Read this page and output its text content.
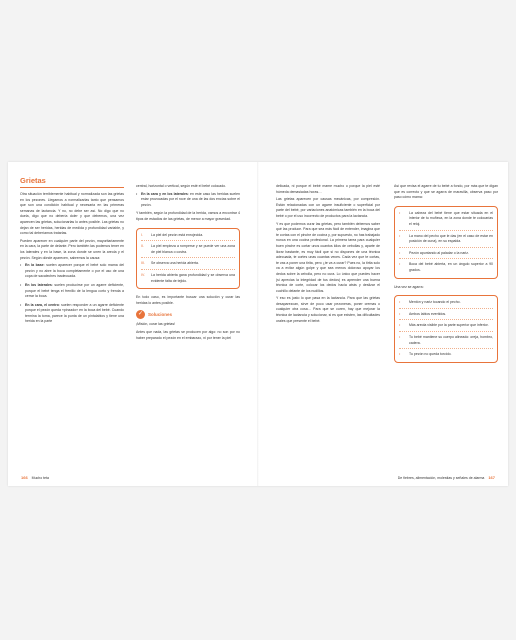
Grietas

Otra situación terriblemente habitual y normalizada son las grietas en los pezones. Llegamos a normalizarlas tanto que pensamos que son una condición habitual y necesaria en las primeras semanas de lactancia. Y no, no debe ser así. No digo que no duela, digo que no debería doler y que debemos, una vez aparecen las grietas, solucionarlas lo antes posible. Las grietas no dejan de ser heridas, heridas de medida y profundidad variable, y como tal deberíamos tratarlas.

Pueden aparecer en cualquier parte del pezón, mayoritariamente en la cara, la parte de delante. Pero también las podemos tener en los laterales y en la base, la zona donde se unen la areola y el pezón. Según dónde aparecen, sabremos la causa:

• En la base: suelen aparecer porque el bebé solo mama del pezón y no abre la boca completamente o por el uso de una copa de sacaleches inadecuada.
• En los laterales: suelen producirse por un agarre deficiente, porque el bebé tenga el frenillo de la lengua corto y frenda a cerrar la boca.
• En la cara, el centro: suelen responder a un agarre deficiente porque el pezón queda «pinzado» en la boca del bebé. Cuando termina la toma, parece la punta de un pintalabios y tiene una herida en la parte

central, horizontal o vertical, según esté el bebé colocado.

• En la cara y en los laterales: en este caso las heridas suelen estar provocadas por el roce de una de las dos encías sobre el pezón.

Y también, según la profundidad de la herida, vamos a encontrar 4 tipos de estadios de las grietas, de menor a mayor gravedad.

I. La piel del pezón está enrojecida.
II. La piel empieza a romperse y se puede ver una zona de piel blanca o costra.
III. Se observa una herida abierta.
IV. La herida abierta gana profundidad y se observa una evidente falta de tejido.

En todo caso, es importante buscar una solución y curar las heridas lo antes posible.

✓	Soluciones

¡Misión, curar las grietas!

Antes que nada, las grietas se producen por algo: no son por no haber preparado el pezón en el embarazo, ni por tener la piel

delicada, ni porque el bebé mame mucho o porque la piel esté húmeda demasiadas horas…

Las grietas aparecen por causas mecánicas, por compresión. Están relacionadas con un agarre insuficiente o superficial por parte del bebé, por variaciones anatómicas también en la boca del bebé o por el uso incorrecto de productos para la lactancia.

Y es que podemos curar las grietas, pero también debemos saber qué las produce. Para que sea más fácil de entender, imagina que te cortas con el pinche de cocina y, por supuesto, no has trabajado nunca en una cocina profesional. La primera tarea para cualquier buen pinche es cortar unos cuantos kilos de cebollas y, aparte de llorar bastante, es muy fácil que si no dispones de una técnica adecuada, te cortes unas cuantas veces. Cada vez que te cortas, te vas a poner una tirita, pero ¿te va a curar? Pues no, la tirita solo va a evitar algún golpe y que sea menos doloroso apoyar los dedos sobre la cebolla, pero no cura. Lo único que puedes hacer (si aprecias la integridad de tus dedos) es aprender una buena técnica de corte, colocar los dedos hacia atrás y deslizar el cuchillo delante de los nudillos.

Y eso es justo lo que pasa en la lactancia. Para que las grietas desaparezcan, sirve de poco usar pezoneras, poner cremas o cualquier otra cosa… Para que se curen, hay que mejorar la técnica de lactancia y solucionar, si es que existen, las dificultades orales que presente el bebé.

Así que revisa el agarre de tu bebé a fondo, por más que te digan que es correcto y que se agarra de maravilla, observa paso por paso cómo mama:

•	La cabeza del bebé tiene que estar situada en el interior de tu muñeca, en la zona donde te colocarías el reloj.
•	La mano del pecho que le das (en el caso de estar en posición de cuna), en su espalda.
•	Pezón apuntando al paladar o la nariz.
•	Boca del bebé abierta, en un ángulo superior a 90 grados.

Una vez se agarra:

•	Mentón y nariz tocando el pecho.
•	Ambos labios evertidos.
•	Más areola visible por la parte superior que inferior.
•	Tu bebé mantiene su cuerpo alineado: oreja, hombro, cadera.
•	Tu pezón no queda torcido.
166 Mucho teta	De fiebres, alimentación, molestias y señales de alarma 167
